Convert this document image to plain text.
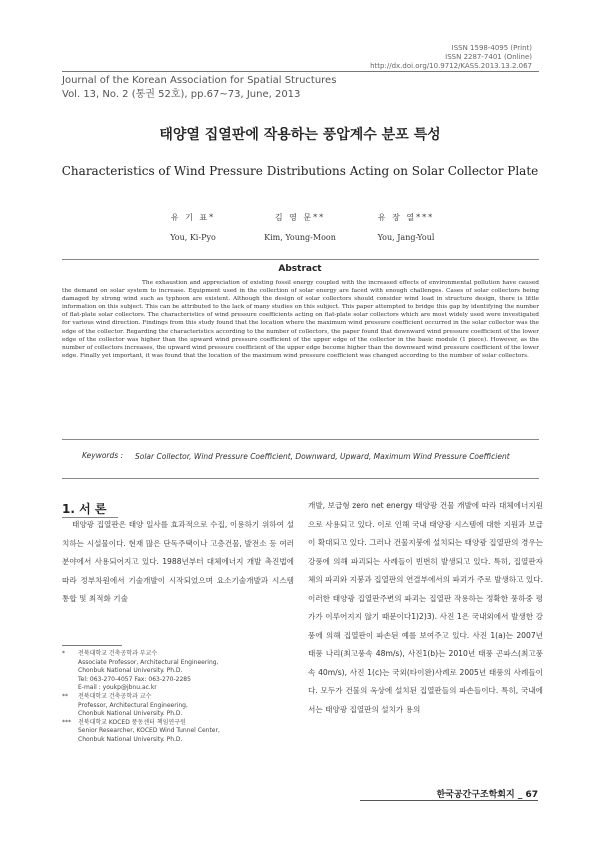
ISSN 1598-4095 (Print)
ISSN 2287-7401 (Online)
http://dx.doi.org/10.9712/KASS.2013.13.2.067
Journal of the Korean Association for Spatial Structures
Vol. 13, No. 2 (통권 52호), pp.67~73, June, 2013
태양열 집열판에 작용하는 풍압계수 분포 특성
Characteristics of Wind Pressure Distributions Acting on Solar Collector Plate
유 기 표*
You, Ki-Pyo
김 영 문**
Kim, Young-Moon
유 장 열***
You, Jang-Youl
Abstract
The exhaustion and appreciation of existing fossil energy coupled with the increased effects of environmental pollution have caused the demand on solar system to increase. Equipment used in the collection of solar energy are faced with enough challenges. Cases of solar collectors being damaged by strong wind such as typhoon are existent. Although the design of solar collectors should consider wind load in structure design, there is little information on this subject. This can be attributed to the lack of many studies on this subject. This paper attempted to bridge this gap by identifying the number of flat-plate solar collectors. The characteristics of wind pressure coefficients acting on flat-plate solar collectors which are most widely used were investigated for various wind direction. Findings from this study found that the location where the maximum wind pressure coefficient occurred in the solar collector was the edge of the collector. Regarding the characteristics according to the number of collectors, the paper found that downward wind pressure coefficient of the lower edge of the collector was higher than the upward wind pressure coefficient of the upper edge of the collector in the basic module (1 piece). However, as the number of collectors increases, the upward wind pressure coefficient of the upper edge become higher than the downward wind pressure coefficient of the lower edge. Finally yet important, it was found that the location of the maximum wind pressure coefficient was changed according to the number of solar collectors.
Keywords : Solar Collector, Wind Pressure Coefficient, Downward, Upward, Maximum Wind Pressure Coefficient
1. 서 론
태양광 집열판은 태양 일사를 효과적으로 수집, 이용하기 위하여 설치하는 시설물이다. 현재 많은 단독주택이나 고층건물, 발전소 등 여러 분야에서 사용되어지고 있다. 1988년부터 대체에너지 개발 촉진법에 따라 정부차원에서 기술개발이 시작되었으며 요소기술개발과 시스템 통합 및 최적화 기술
개발, 보급형 zero net energy 태양광 건물 개발에 따라 대체에너지원으로 사용되고 있다. 이로 인해 국내 태양광 시스템에 대한 지원과 보급이 확대되고 있다. 그러나 건물지붕에 설치되는 태양광 집열판의 경우는 강풍에 의해 파괴되는 사례들이 빈번히 발생되고 있다. 특히, 집열판자체의 파괴와 지붕과 집열판의 연결부에서의 파괴가 주로 발생하고 있다. 이러한 태양광 집열판주변의 파괴는 집열판 작용하는 정확한 풍하중 평가가 이루어지지 않기 때문이다1)2)3). 사진 1은 국내외에서 발생한 강풍에 의해 집열판이 파손된 예를 보여주고 있다. 사진 1(a)는 2007년 태풍 나리(최고풍속 48m/s), 사진1(b)는 2010년 태풍 곤파스(최고풍속 40m/s), 사진 1(c)는 국외(타이완)사례로 2005년 태풍의 사례들이다. 모두가 건물의 옥상에 설치된 집열판들의 파손들이다. 특히, 국내에서는 태양광 집열판의 설치가 용의
*	전북대학교 건축공학과 부교수
Associate Professor, Architectural Engineering,
Chonbuk National University. Ph.D.
Tel: 063-270-4057 Fax: 063-270-2285
E-mail : youkp@jbnu.ac.kr
**	전북대학교 건축공학과 교수
Professor, Architectural Engineering,
Chonbuk National University. Ph.D.
***	전북대학교 KOCED 풍동센터 책임연구원
Senior Researcher, KOCED Wind Tunnel Center,
Chonbuk National University. Ph.D.
한국공간구조학회지 _ 67
